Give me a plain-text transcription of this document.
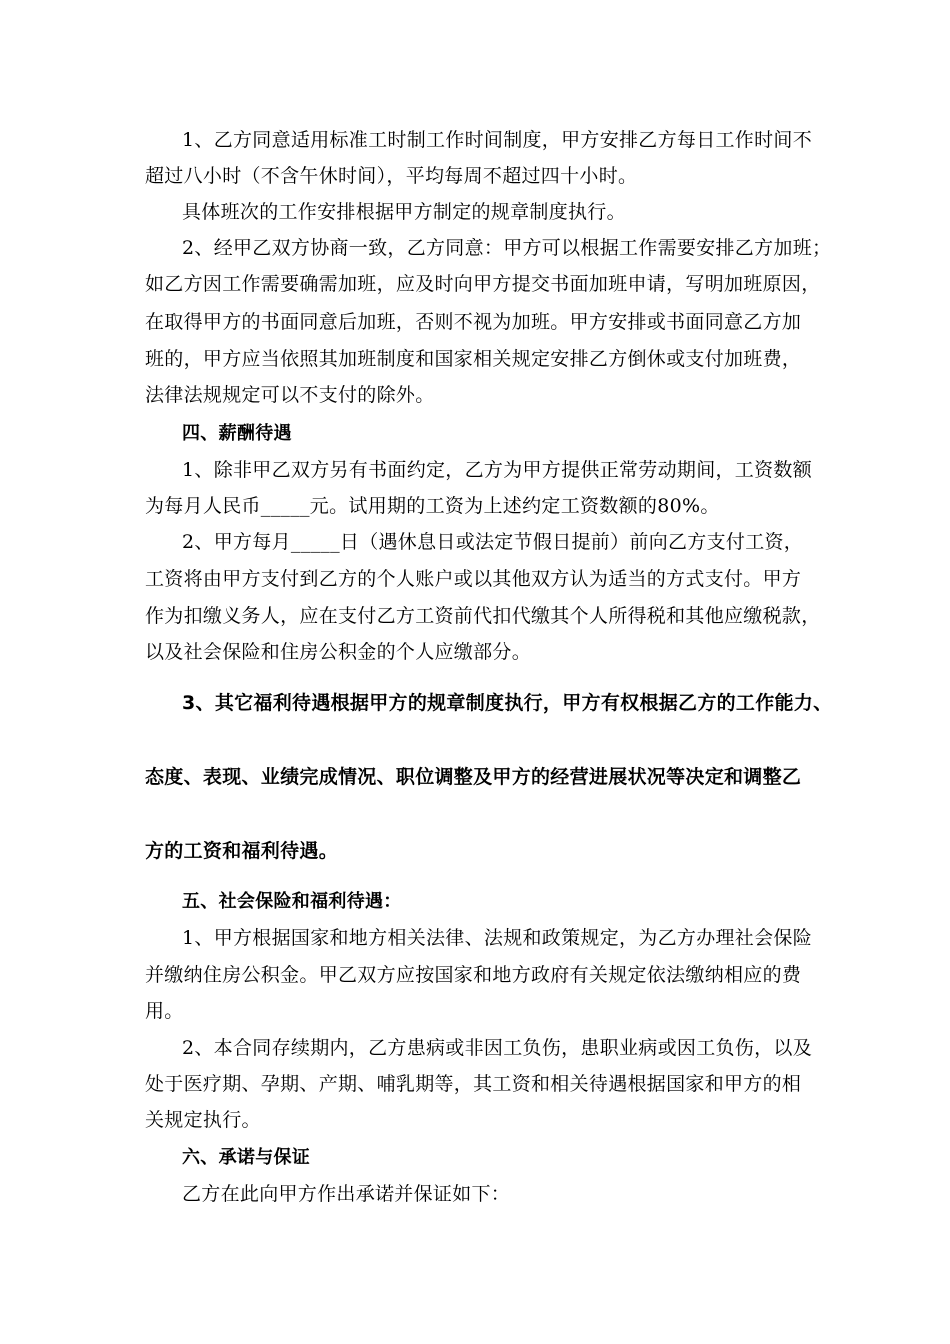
1、乙方同意适用标准工时制工作时间制度，甲方安排乙方每日工作时间不
超过八小时（不含午休时间），平均每周不超过四十小时。
具体班次的工作安排根据甲方制定的规章制度执行。
2、经甲乙双方协商一致，乙方同意：甲方可以根据工作需要安排乙方加班；
如乙方因工作需要确需加班，应及时向甲方提交书面加班申请，写明加班原因，
在取得甲方的书面同意后加班，否则不视为加班。甲方安排或书面同意乙方加
班的，甲方应当依照其加班制度和国家相关规定安排乙方倒休或支付加班费，
法律法规规定可以不支付的除外。
四、薪酬待遇
1、除非甲乙双方另有书面约定，乙方为甲方提供正常劳动期间，工资数额
为每月人民币_____元。试用期的工资为上述约定工资数额的80%。
2、甲方每月_____日（遇休息日或法定节假日提前）前向乙方支付工资，
工资将由甲方支付到乙方的个人账户或以其他双方认为适当的方式支付。甲方
作为扣缴义务人，应在支付乙方工资前代扣代缴其个人所得税和其他应缴税款，
以及社会保险和住房公积金的个人应缴部分。
3、其它福利待遇根据甲方的规章制度执行，甲方有权根据乙方的工作能力、
态度、表现、业绩完成情况、职位调整及甲方的经营进展状况等决定和调整乙
方的工资和福利待遇。
五、社会保险和福利待遇：
1、甲方根据国家和地方相关法律、法规和政策规定，为乙方办理社会保险
并缴纳住房公积金。甲乙双方应按国家和地方政府有关规定依法缴纳相应的费
用。
2、本合同存续期内，乙方患病或非因工负伤，患职业病或因工负伤，以及
处于医疗期、孕期、产期、哺乳期等，其工资和相关待遇根据国家和甲方的相
关规定执行。
六、承诺与保证
乙方在此向甲方作出承诺并保证如下：
